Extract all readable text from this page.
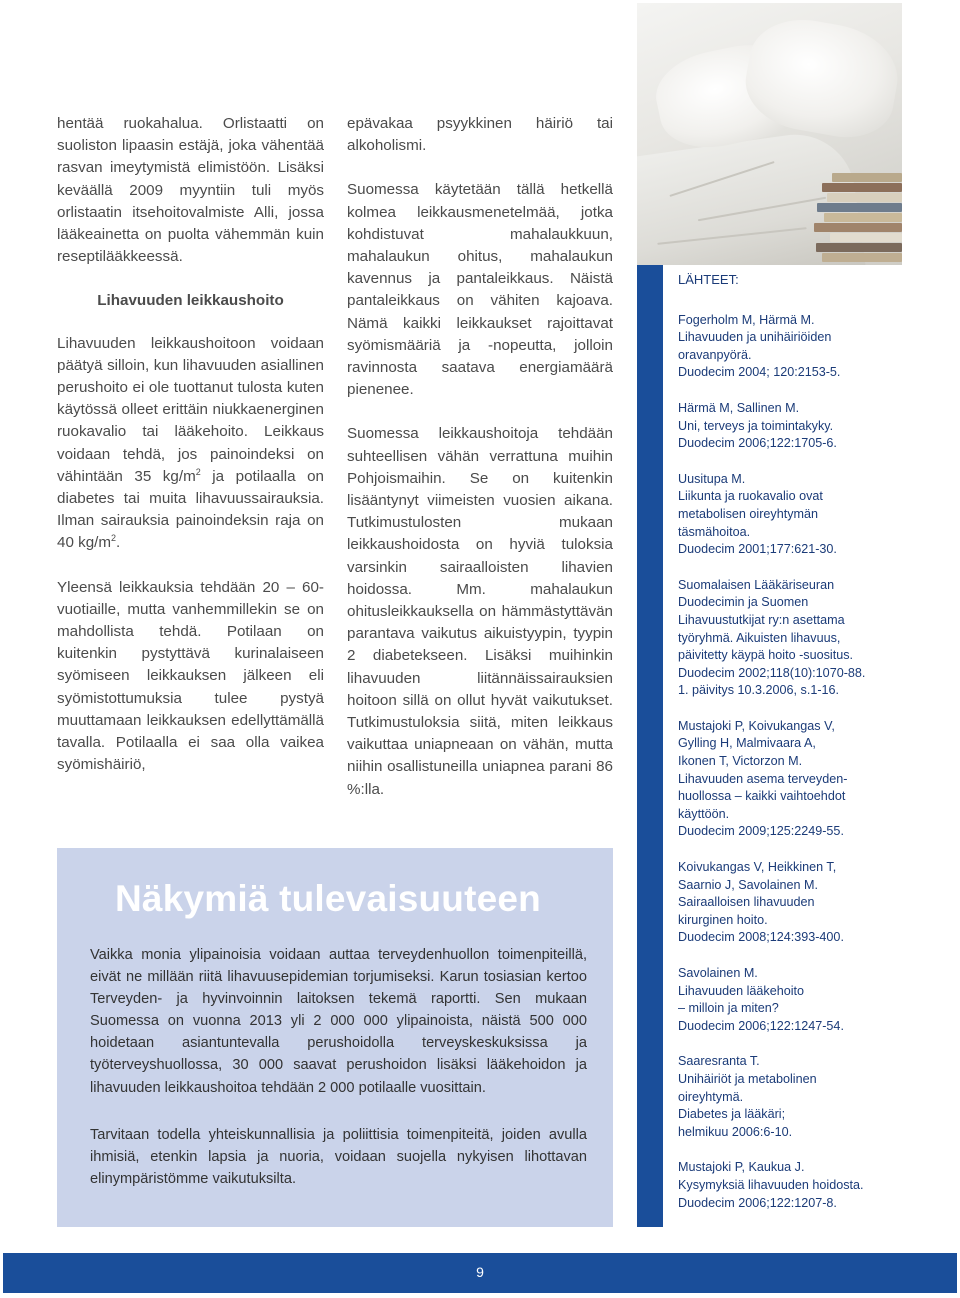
hentää ruokahalua. Orlistaatti on suoliston lipaasin estäjä, joka vähentää rasvan imeytymistä elimistöön. Lisäksi keväällä 2009 myyntiin tuli myös orlistaatin itsehoitovalmiste Alli, jossa lääkeainetta on puolta vähemmän kuin reseptilääkkeessä.

Lihavuuden leikkaushoito

Lihavuuden leikkaushoitoon voidaan päätyä silloin, kun lihavuuden asiallinen perushoito ei ole tuottanut tulosta kuten käytössä olleet erittäin niukkaenerginen ruokavalio tai lääkehoito. Leikkaus voidaan tehdä, jos painoindeksi on vähintään 35 $kg/m^2$ ja potilaalla on diabetes tai muita lihavuussairauksia. Ilman sairauksia painoindeksin raja on 40 $kg/m^2$.

Yleensä leikkauksia tehdään 20 – 60-vuotiaille, mutta vanhemmillekin se on mahdollista tehdä. Potilaan on kuitenkin pystyttävä kurinalaiseen syömiseen leikkauksen jälkeen eli syömistottumuksia tulee pystyä muuttamaan leikkauksen edellyttämällä tavalla. Potilaalla ei saa olla vaikea syömishäiriö,

epävakaa psyykkinen häiriö tai alkoholismi.

Suomessa käytetään tällä hetkellä kolmea leikkausmenetelmää, jotka kohdistuvat mahalaukkuun, mahalaukun ohitus, mahalaukun kavennus ja pantaleikkaus. Näistä pantaleikkaus on vähiten kajoava. Nämä kaikki leikkaukset rajoittavat syömismääriä ja -nopeutta, jolloin ravinnosta saatava energiamäärä pienenee.

Suomessa leikkaushoitoja tehdään suhteellisen vähän verrattuna muihin Pohjoismaihin. Se on kuitenkin lisääntynyt viimeisten vuosien aikana. Tutkimustulosten mukaan leikkaushoidosta on hyviä tuloksia varsinkin sairaalloisten lihavien hoidossa. Mm. mahalaukun ohitusleikkauksella on hämmästyttävän parantava vaikutus aikuistyypin, tyypin 2 diabetekseen. Lisäksi muihinkin lihavuuden liitännäissairauksien hoitoon sillä on ollut hyvät vaikutukset. Tutkimustuloksia siitä, miten leikkaus vaikuttaa uniapneaan on vähän, mutta niihin osallistuneilla uniapnea parani 86 %:lla.

LÄHTEET:
Fogerholm M, Härmä M.
Lihavuuden ja unihäiriöiden
oravanpyörä.
Duodecim 2004; 120:2153-5.
Härmä M, Sallinen M.
Uni, terveys ja toimintakyky.
Duodecim 2006;122:1705-6.
Uusitupa M.
Liikunta ja ruokavalio ovat
metabolisen oireyhtymän
täsmähoitoa.
Duodecim 2001;177:621-30.
Suomalaisen Lääkäriseuran
Duodecimin ja Suomen
Lihavuustutkijat ry:n asettama
työryhmä. Aikuisten lihavuus,
päivitetty käypä hoito -suositus.
Duodecim 2002;118(10):1070-88.
1. päivitys 10.3.2006, s.1-16.
Mustajoki P, Koivukangas V,
Gylling H, Malmivaara A,
Ikonen T, Victorzon M.
Lihavuuden asema terveyden-
huollossa – kaikki vaihtoehdot
käyttöön.
Duodecim 2009;125:2249-55.
Koivukangas V, Heikkinen T,
Saarnio J, Savolainen M.
Sairaalloisen lihavuuden
kirurginen hoito.
Duodecim 2008;124:393-400.
Savolainen M.
Lihavuuden lääkehoito
– milloin ja miten?
Duodecim 2006;122:1247-54.
Saaresranta T.
Unihäiriöt ja metabolinen
oireyhtymä.
Diabetes ja lääkäri;
helmikuu 2006:6-10.
Mustajoki P, Kaukua J.
Kysymyksiä lihavuuden hoidosta.
Duodecim 2006;122:1207-8.
Näkymiä tulevaisuuteen

Vaikka monia ylipainoisia voidaan auttaa terveydenhuollon toimenpiteillä, eivät ne millään riitä lihavuusepidemian torjumiseksi. Karun tosiasian kertoo Terveyden- ja hyvinvoinnin laitoksen tekemä raportti. Sen mukaan Suomessa on vuonna 2013 yli 2 000 000 ylipainoista, näistä 500 000 hoidetaan asiantuntevalla perushoidolla terveyskeskuksissa ja työterveyshuollossa, 30 000 saavat perushoidon lisäksi lääkehoidon ja lihavuuden leikkaushoitoa tehdään 2 000 potilaalle vuosittain.

Tarvitaan todella yhteiskunnallisia ja poliittisia toimenpiteitä, joiden avulla ihmisiä, etenkin lapsia ja nuoria, voidaan suojella nykyisen lihottavan elinympäristömme vaikutuksilta.

9
